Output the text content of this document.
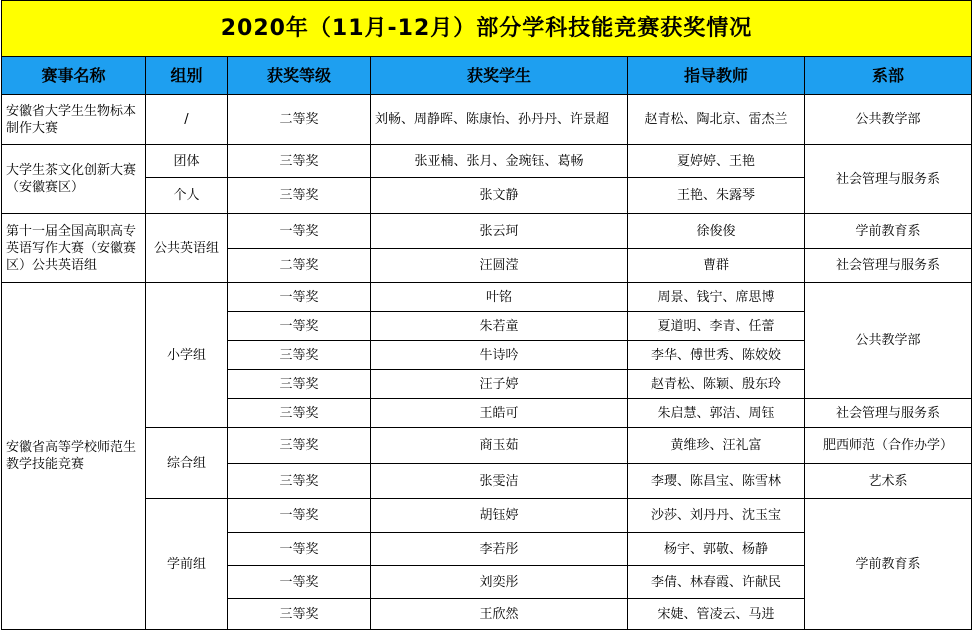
2020年（11月-12月）部分学科技能竞赛获奖情况					
赛事名称	组别	获奖等级	获奖学生	指导教师	系部
安徽省大学生生物标本制作大赛	/	二等奖	刘畅、周静晖、陈康怡、孙丹丹、许景超	赵青松、陶北京、雷杰兰	公共教学部
大学生茶文化创新大赛（安徽赛区）	团体	三等奖	张亚楠、张月、金琬钰、葛畅	夏婷婷、王艳	社会管理与服务系
	个人	三等奖	张文静	王艳、朱露琴	
第十一届全国高职高专英语写作大赛（安徽赛区）公共英语组	公共英语组	一等奖	张云珂	徐俊俊	学前教育系
		二等奖	汪圆滢	曹群	社会管理与服务系
安徽省高等学校师范生教学技能竞赛	小学组	一等奖	叶铭	周景、钱宁、席思博	公共教学部
		一等奖	朱若童	夏道明、李青、任蕾	
		三等奖	牛诗吟	李华、傅世秀、陈姣姣	
		三等奖	汪子婷	赵青松、陈颖、殷东玲	
		三等奖	王皓可	朱启慧、郭洁、周钰	社会管理与服务系
	综合组	三等奖	商玉茹	黄维珍、汪礼富	肥西师范（合作办学）
		三等奖	张雯洁	李璎、陈昌宝、陈雪林	艺术系
	学前组	一等奖	胡钰婷	沙莎、刘丹丹、沈玉宝	学前教育系
		一等奖	李若彤	杨宇、郭敬、杨静	
		一等奖	刘奕彤	李倩、林春霞、许献民	
		三等奖	王欣然	宋婕、管凌云、马进	
